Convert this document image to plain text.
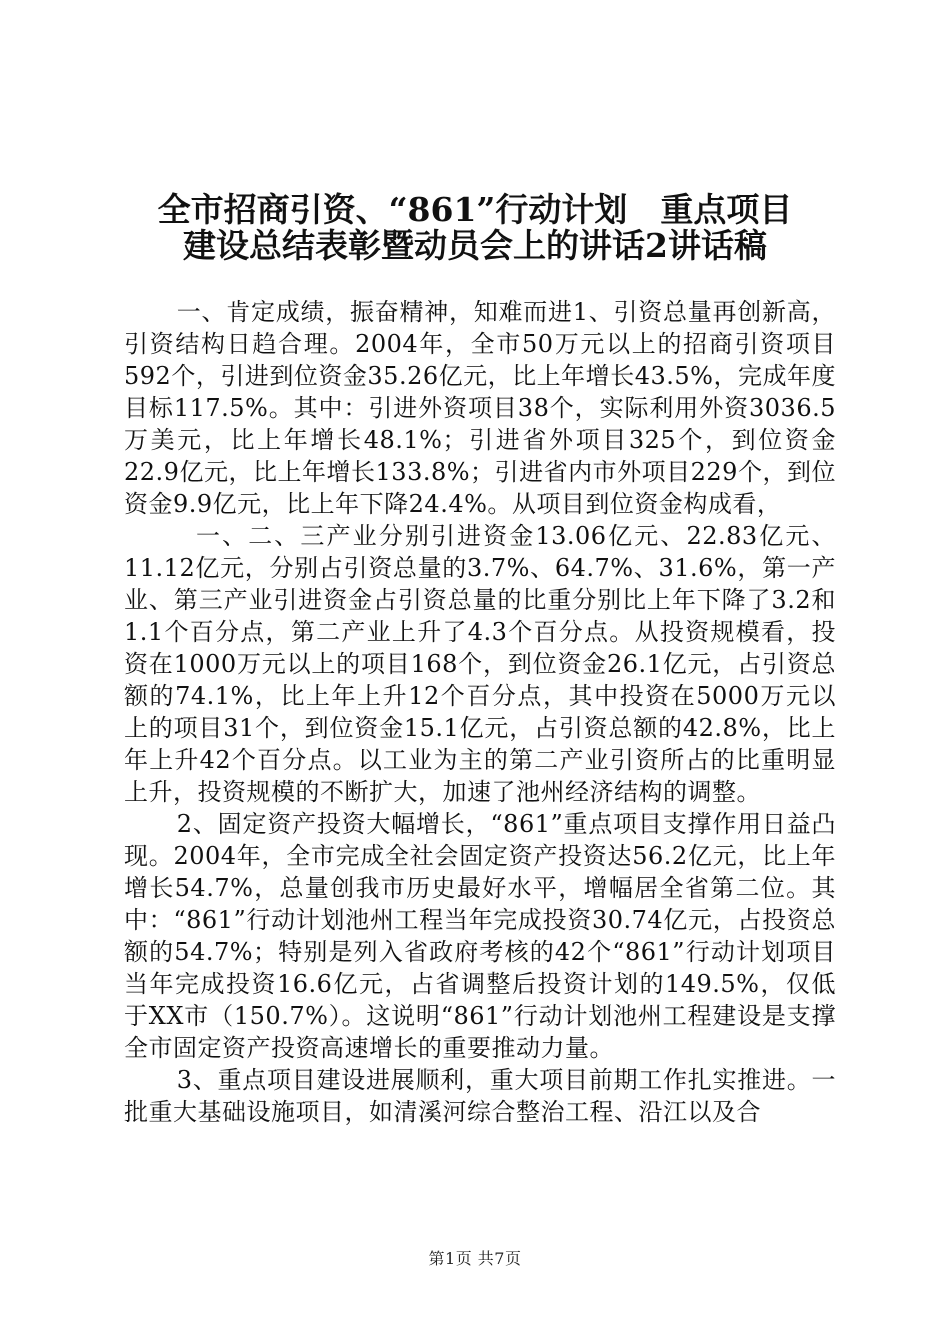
全市招商引资、“861”行动计划　重点项目
建设总结表彰暨动员会上的讲话2讲话稿

一、肯定成绩，振奋精神，知难而进1、引资总量再创新高，引资结构日趋合理。2004年，全市50万元以上的招商引资项目592个，引进到位资金35.26亿元，比上年增长43.5%，完成年度目标117.5%。其中：引进外资项目38个，实际利用外资3036.5万美元，比上年增长48.1%；引进省外项目325个，到位资金22.9亿元，比上年增长133.8%；引进省内市外项目229个，到位资金9.9亿元，比上年下降24.4%。从项目到位资金构成看，

一、二、三产业分别引进资金13.06亿元、22.83亿元、11.12亿元，分别占引资总量的3.7%、64.7%、31.6%，第一产业、第三产业引进资金占引资总量的比重分别比上年下降了3.2和1.1个百分点，第二产业上升了4.3个百分点。从投资规模看，投资在1000万元以上的项目168个，到位资金26.1亿元，占引资总额的74.1%，比上年上升12个百分点，其中投资在5000万元以上的项目31个，到位资金15.1亿元，占引资总额的42.8%，比上年上升42个百分点。以工业为主的第二产业引资所占的比重明显上升，投资规模的不断扩大，加速了池州经济结构的调整。

2、固定资产投资大幅增长，“861”重点项目支撑作用日益凸现。2004年，全市完成全社会固定资产投资达56.2亿元，比上年增长54.7%，总量创我市历史最好水平，增幅居全省第二位。其中：“861”行动计划池州工程当年完成投资30.74亿元，占投资总额的54.7%；特别是列入省政府考核的42个“861”行动计划项目当年完成投资16.6亿元，占省调整后投资计划的149.5%，仅低于XX市（150.7%）。这说明“861”行动计划池州工程建设是支撑全市固定资产投资高速增长的重要推动力量。

3、重点项目建设进展顺利，重大项目前期工作扎实推进。一批重大基础设施项目，如清溪河综合整治工程、沿江以及合

第1页 共7页
